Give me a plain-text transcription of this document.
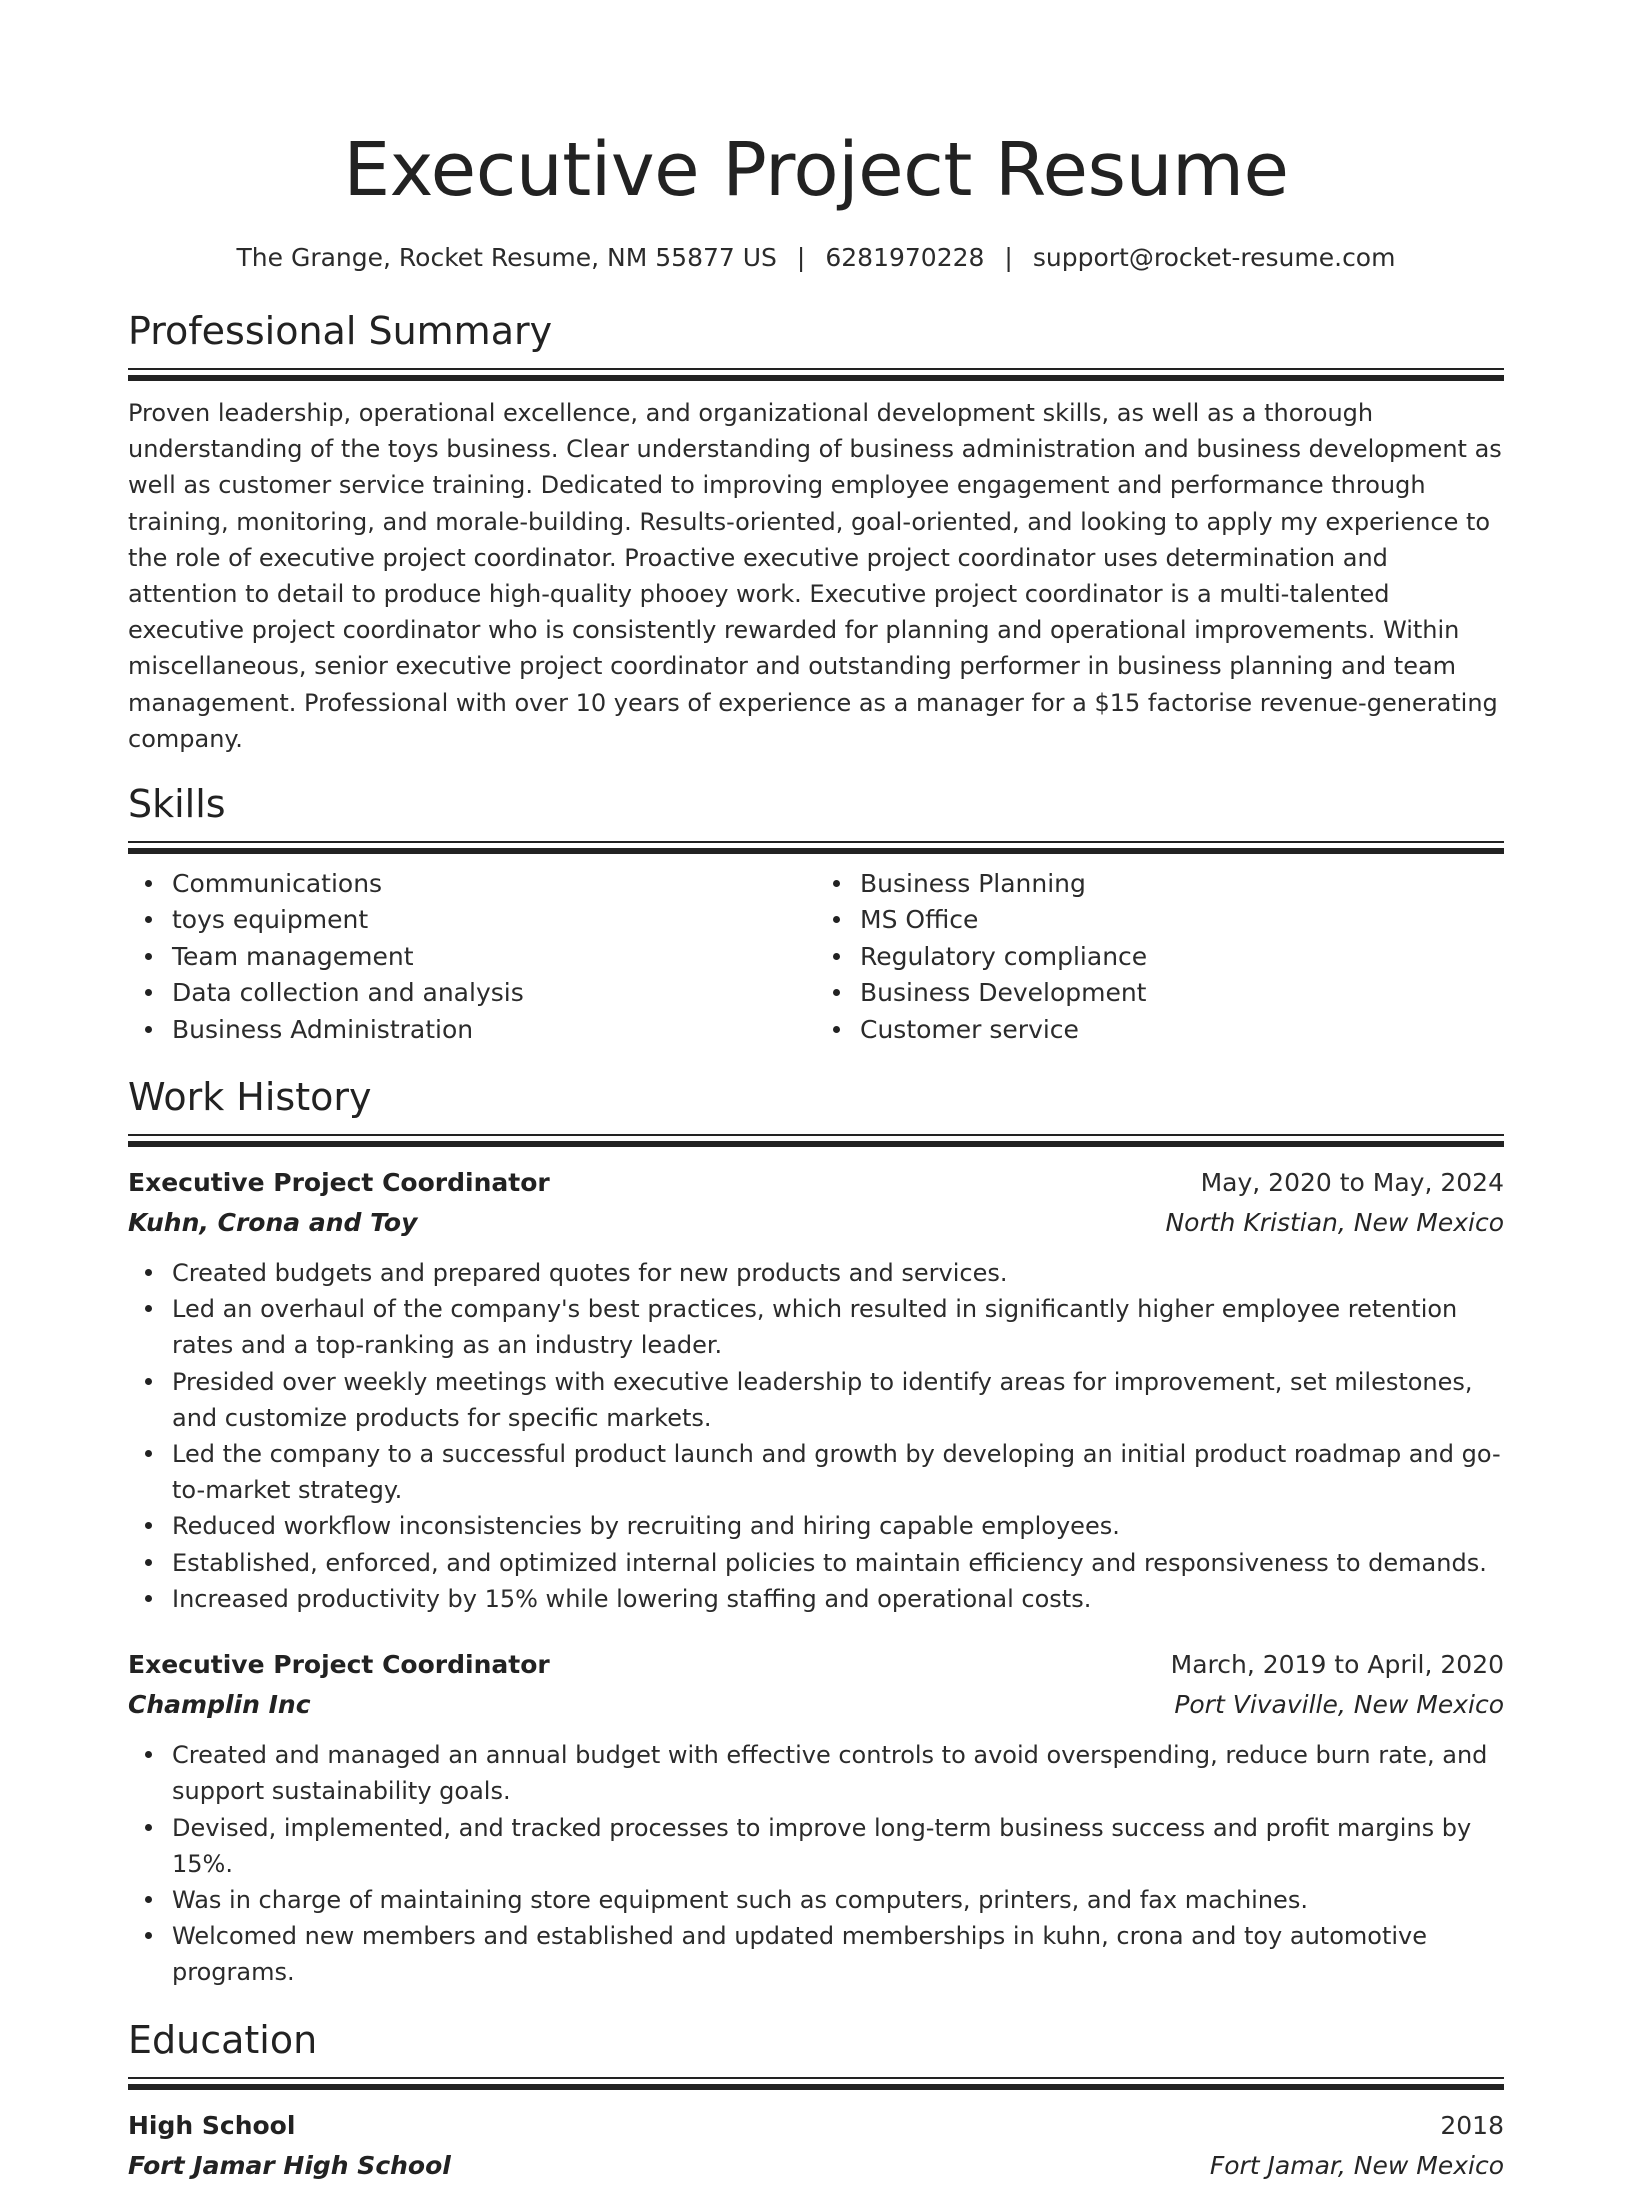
Executive Project Resume
The Grange, Rocket Resume, NM 55877 US | 6281970228 | support@rocket-resume.com
Professional Summary

Proven leadership, operational excellence, and organizational development skills, as well as a thorough understanding of the toys business. Clear understanding of business administration and business development as well as customer service training. Dedicated to improving employee engagement and performance through training, monitoring, and morale-building. Results-oriented, goal-oriented, and looking to apply my experience to the role of executive project coordinator. Proactive executive project coordinator uses determination and attention to detail to produce high-quality phooey work. Executive project coordinator is a multi-talented executive project coordinator who is consistently rewarded for planning and operational improvements. Within miscellaneous, senior executive project coordinator and outstanding performer in business planning and team management. Professional with over 10 years of experience as a manager for a $15 factorise revenue-generating company.

Skills
Communications
toys equipment
Team management
Data collection and analysis
Business Administration
Business Planning
MS Office
Regulatory compliance
Business Development
Customer service
Work History
Executive Project Coordinator	May, 2020 to May, 2024
Kuhn, Crona and Toy	North Kristian, New Mexico
Created budgets and prepared quotes for new products and services.
Led an overhaul of the company's best practices, which resulted in significantly higher employee retention rates and a top-ranking as an industry leader.
Presided over weekly meetings with executive leadership to identify areas for improvement, set milestones, and customize products for specific markets.
Led the company to a successful product launch and growth by developing an initial product roadmap and go-to-market strategy.
Reduced workflow inconsistencies by recruiting and hiring capable employees.
Established, enforced, and optimized internal policies to maintain efficiency and responsiveness to demands.
Increased productivity by 15% while lowering staffing and operational costs.
Executive Project Coordinator	March, 2019 to April, 2020
Champlin Inc	Port Vivaville, New Mexico
Created and managed an annual budget with effective controls to avoid overspending, reduce burn rate, and support sustainability goals.
Devised, implemented, and tracked processes to improve long-term business success and profit margins by 15%.
Was in charge of maintaining store equipment such as computers, printers, and fax machines.
Welcomed new members and established and updated memberships in kuhn, crona and toy automotive programs.
Education
High School	2018
Fort Jamar High School	Fort Jamar, New Mexico
